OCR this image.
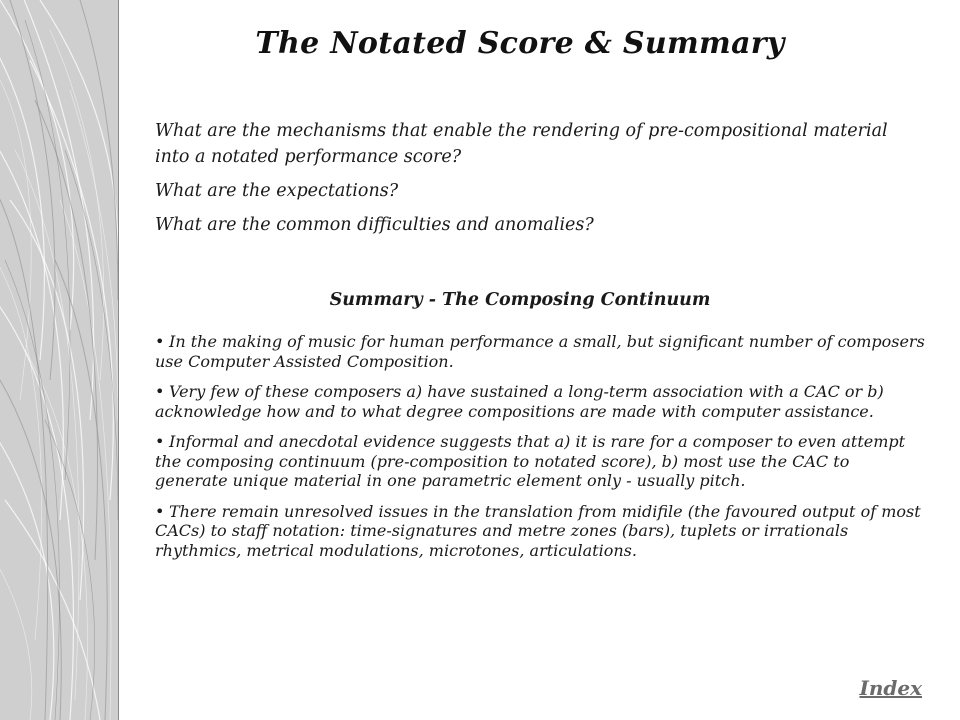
The Notated Score & Summary

What are the mechanisms that enable the rendering of pre-compositional material into a notated performance score?

What are the expectations?

What are the common difficulties and anomalies?

Summary - The Composing Continuum

• In the making of music for human performance a small, but significant number of composers use Computer Assisted Composition.

• Very few of these composers a) have sustained a long-term association with a CAC or b) acknowledge how and to what degree compositions are made with computer assistance.

• Informal and anecdotal evidence suggests that a) it is rare for a composer to even attempt the composing continuum (pre-composition to notated score), b) most use the CAC to generate unique material in one parametric element only - usually pitch.

• There remain unresolved issues in the translation from midifile (the favoured output of most CACs) to staff notation: time-signatures and metre zones (bars), tuplets or irrationals rhythmics, metrical modulations, microtones, articulations.

Index
